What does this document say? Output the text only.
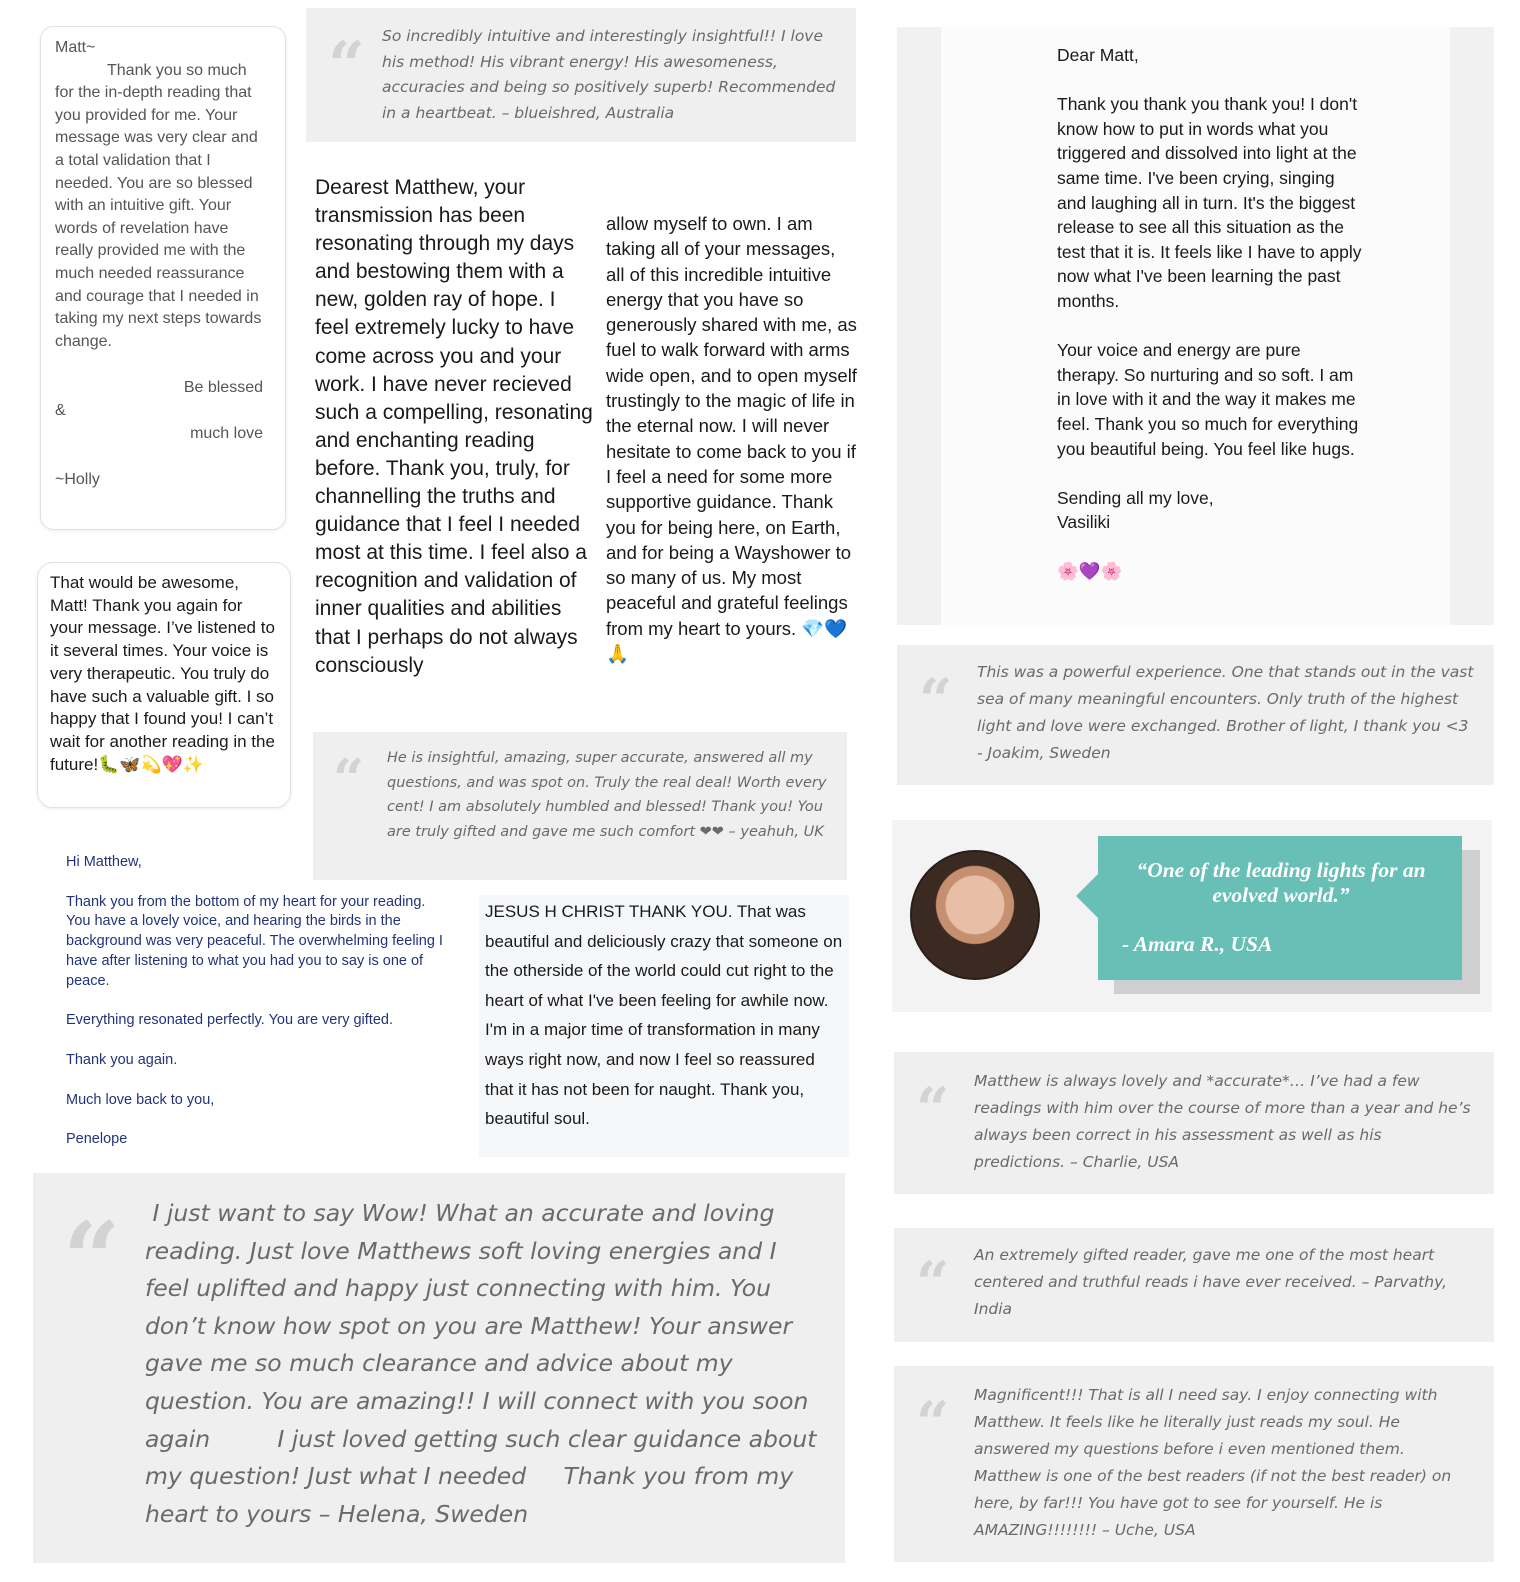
Matt~
Thank you so much
for the in-depth reading that you provided for me. Your message was very clear and a total validation that I needed. You are so blessed with an intuitive gift. Your words of revelation have really provided me with the much needed reassurance and courage that I needed in taking my next steps towards change.
Be blessed
&
much love
~Holly
That would be awesome, Matt! Thank you again for your message. I’ve listened to it several times. Your voice is very therapeutic. You truly do have such a valuable gift. I so happy that I found you! I can’t wait for another reading in the future!🐛🦋💫💖✨
“ So incredibly intuitive and interestingly insightful!! I love his method! His vibrant energy! His awesomeness, accuracies and being so positively superb! Recommended in a heartbeat. – blueishred, Australia
Dearest Matthew, your transmission has been resonating through my days and bestowing them with a new, golden ray of hope. I feel extremely lucky to have come across you and your work. I have never recieved such a compelling, resonating and enchanting reading before. Thank you, truly, for channelling the truths and guidance that I feel I needed most at this time. I feel also a recognition and validation of inner qualities and abilities that I perhaps do not always consciously
allow myself to own. I am taking all of your messages, all of this incredible intuitive energy that you have so generously shared with me, as fuel to walk forward with arms wide open, and to open myself trustingly to the magic of life in the eternal now. I will never hesitate to come back to you if I feel a need for some more supportive guidance. Thank you for being here, on Earth, and for being a Wayshower to so many of us. My most peaceful and grateful feelings from my heart to yours. 💎💙🙏
“ He is insightful, amazing, super accurate, answered all my questions, and was spot on. Truly the real deal! Worth every cent! I am absolutely humbled and blessed! Thank you! You are truly gifted and gave me such comfort ❤❤ – yeahuh, UK

Hi Matthew,

Thank you from the bottom of my heart for your reading. You have a lovely voice, and hearing the birds in the background was very peaceful. The overwhelming feeling I have after listening to what you had you to say is one of peace.

Everything resonated perfectly. You are very gifted.

Thank you again.

Much love back to you,

Penelope

JESUS H CHRIST THANK YOU. That was beautiful and deliciously crazy that someone on the otherside of the world could cut right to the heart of what I've been feeling for awhile now. I'm in a major time of transformation in many ways right now, and now I feel so reassured that it has not been for naught. Thank you, beautiful soul.
“ I just want to say Wow! What an accurate and loving reading. Just love Matthews soft loving energies and I feel uplifted and happy just connecting with him. You don’t know how spot on you are Matthew! Your answer gave me so much clearance and advice about my question. You are amazing!! I will connect with you soon again         I just loved getting such clear guidance about my question! Just what I needed     Thank you from my heart to yours – Helena, Sweden

Dear Matt,

Thank you thank you thank you! I don't know how to put in words what you triggered and dissolved into light at the same time. I've been crying, singing and laughing all in turn. It's the biggest release to see all this situation as the test that it is. It feels like I have to apply now what I've been learning the past months.

Your voice and energy are pure therapy. So nurturing and so soft. I am in love with it and the way it makes me feel. Thank you so much for everything you beautiful being. You feel like hugs.

Sending all my love,

Vasiliki

🌸💜🌸
“ This was a powerful experience. One that stands out in the vast sea of many meaningful encounters. Only truth of the highest light and love were exchanged. Brother of light, I thank you <3 - Joakim, Sweden
“One of the leading lights for an evolved world.”
- Amara R., USA
“ Matthew is always lovely and *accurate*… I’ve had a few readings with him over the course of more than a year and he’s always been correct in his assessment as well as his predictions. – Charlie, USA
“ An extremely gifted reader, gave me one of the most heart centered and truthful reads i have ever received. – Parvathy, India
“ Magnificent!!! That is all I need say. I enjoy connecting with Matthew. It feels like he literally just reads my soul. He answered my questions before i even mentioned them. Matthew is one of the best readers (if not the best reader) on here, by far!!! You have got to see for yourself. He is AMAZING!!!!!!!! – Uche, USA
